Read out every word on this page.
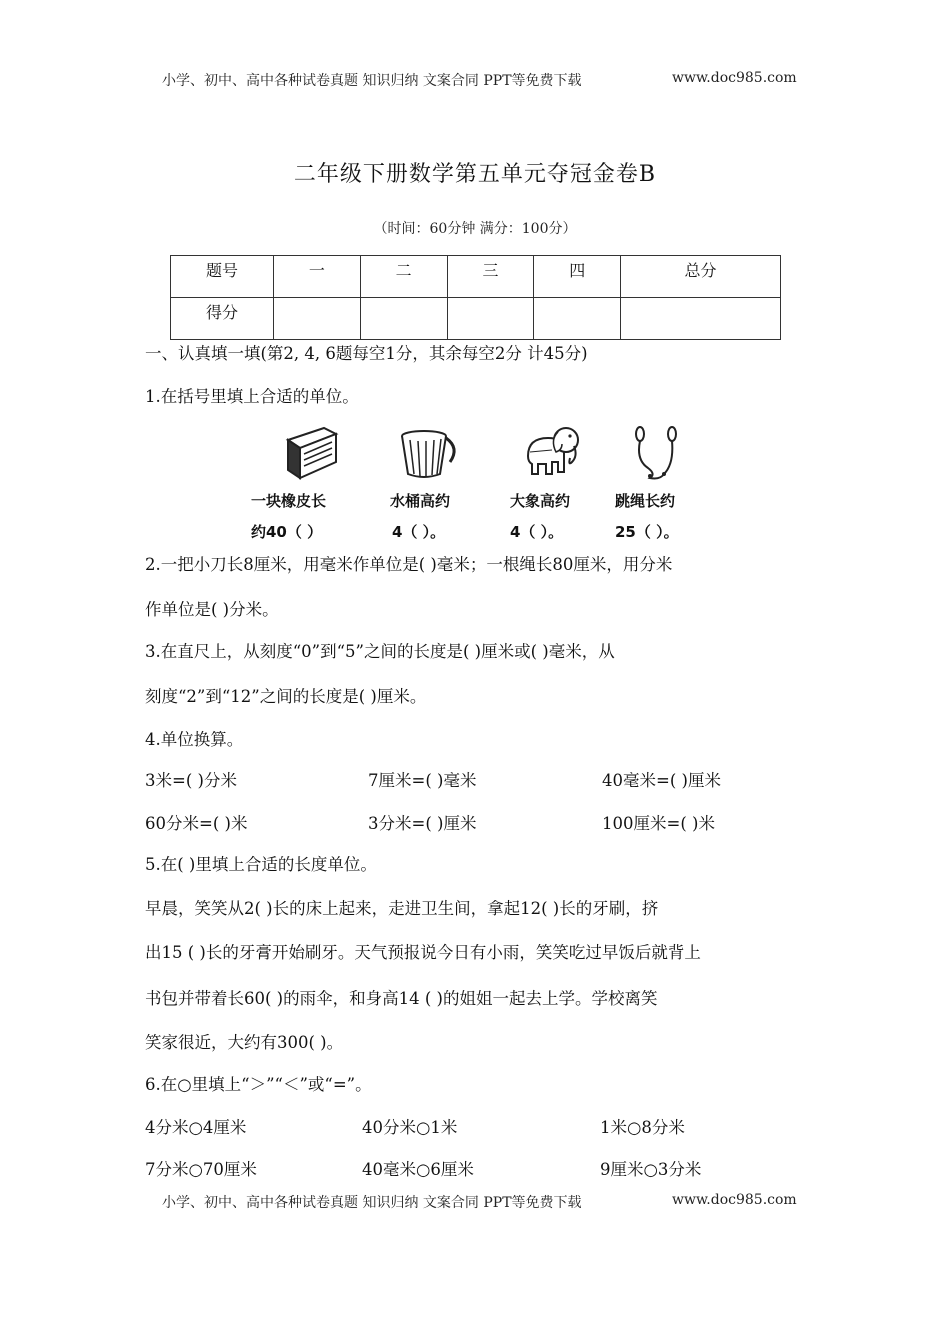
小学、初中、高中各种试卷真题 知识归纳 文案合同 PPT等免费下载	www.doc985.com
二年级下册数学第五单元夺冠金卷B
（时间：60分钟 满分：100分）
题号	一	二	三	四	总分
得分					
一、认真填一填(第2, 4, 6题每空1分，其余每空2分 计45分)
1.在括号里填上合适的单位。
一块橡皮长	水桶高约	大象高约	跳绳长约
约40（ ）	4（ ）。	4（ ）。	25（ ）。
2.一把小刀长8厘米，用毫米作单位是( )毫米；一根绳长80厘米，用分米
作单位是( )分米。
3.在直尺上，从刻度“0”到“5”之间的长度是( )厘米或( )毫米，从
刻度“2”到“12”之间的长度是( )厘米。
4.单位换算。
3米=( )分米	7厘米=( )毫米	40毫米=( )厘米
60分米=( )米	3分米=( )厘米	100厘米=( )米
5.在( )里填上合适的长度单位。
早晨，笑笑从2( )长的床上起来，走进卫生间，拿起12( )长的牙刷，挤
出15 ( )长的牙膏开始刷牙。天气预报说今日有小雨，笑笑吃过早饭后就背上
书包并带着长60( )的雨伞，和身高14 ( )的姐姐一起去上学。学校离笑
笑家很近，大约有300( )。
6.在○里填上“＞”“＜”或“=”。
4分米○4厘米	40分米○1米	1米○8分米
7分米○70厘米	40毫米○6厘米	9厘米○3分米
小学、初中、高中各种试卷真题 知识归纳 文案合同 PPT等免费下载	www.doc985.com
